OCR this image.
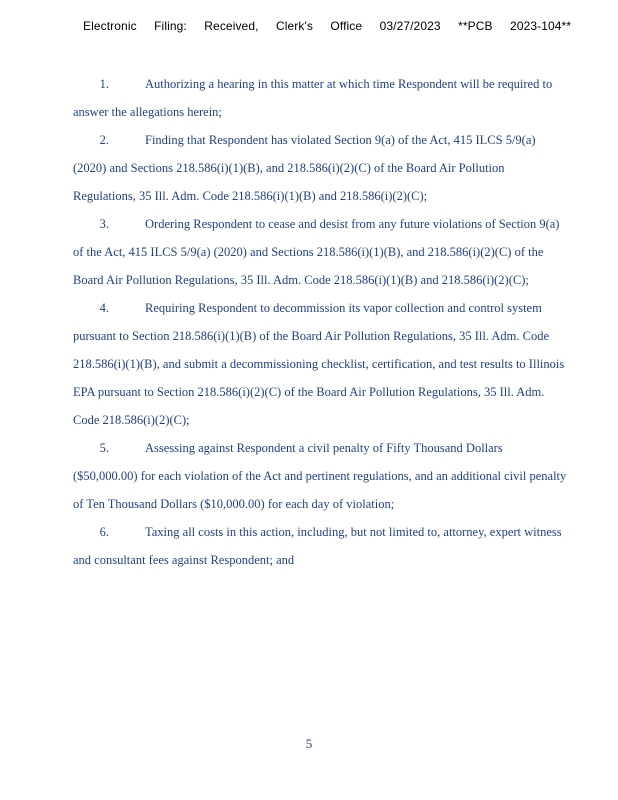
Electronic Filing: Received, Clerk's Office 03/27/2023 **PCB 2023-104**
1.	Authorizing a hearing in this matter at which time Respondent will be required to
answer the allegations herein;
2.	Finding that Respondent has violated Section 9(a) of the Act, 415 ILCS 5/9(a)
(2020) and Sections 218.586(i)(1)(B), and 218.586(i)(2)(C) of the Board Air Pollution
Regulations, 35 Ill. Adm. Code 218.586(i)(1)(B) and 218.586(i)(2)(C);
3.	Ordering Respondent to cease and desist from any future violations of Section 9(a)
of the Act, 415 ILCS 5/9(a) (2020) and Sections 218.586(i)(1)(B), and 218.586(i)(2)(C) of the
Board Air Pollution Regulations, 35 Ill. Adm. Code 218.586(i)(1)(B) and 218.586(i)(2)(C);
4.	Requiring Respondent to decommission its vapor collection and control system
pursuant to Section 218.586(i)(1)(B) of the Board Air Pollution Regulations, 35 Ill. Adm. Code
218.586(i)(1)(B), and submit a decommissioning checklist, certification, and test results to Illinois
EPA pursuant to Section 218.586(i)(2)(C) of the Board Air Pollution Regulations, 35 Ill. Adm.
Code 218.586(i)(2)(C);
5.	Assessing against Respondent a civil penalty of Fifty Thousand Dollars
($50,000.00) for each violation of the Act and pertinent regulations, and an additional civil penalty
of Ten Thousand Dollars ($10,000.00) for each day of violation;
6.	Taxing all costs in this action, including, but not limited to, attorney, expert witness
and consultant fees against Respondent; and
5
